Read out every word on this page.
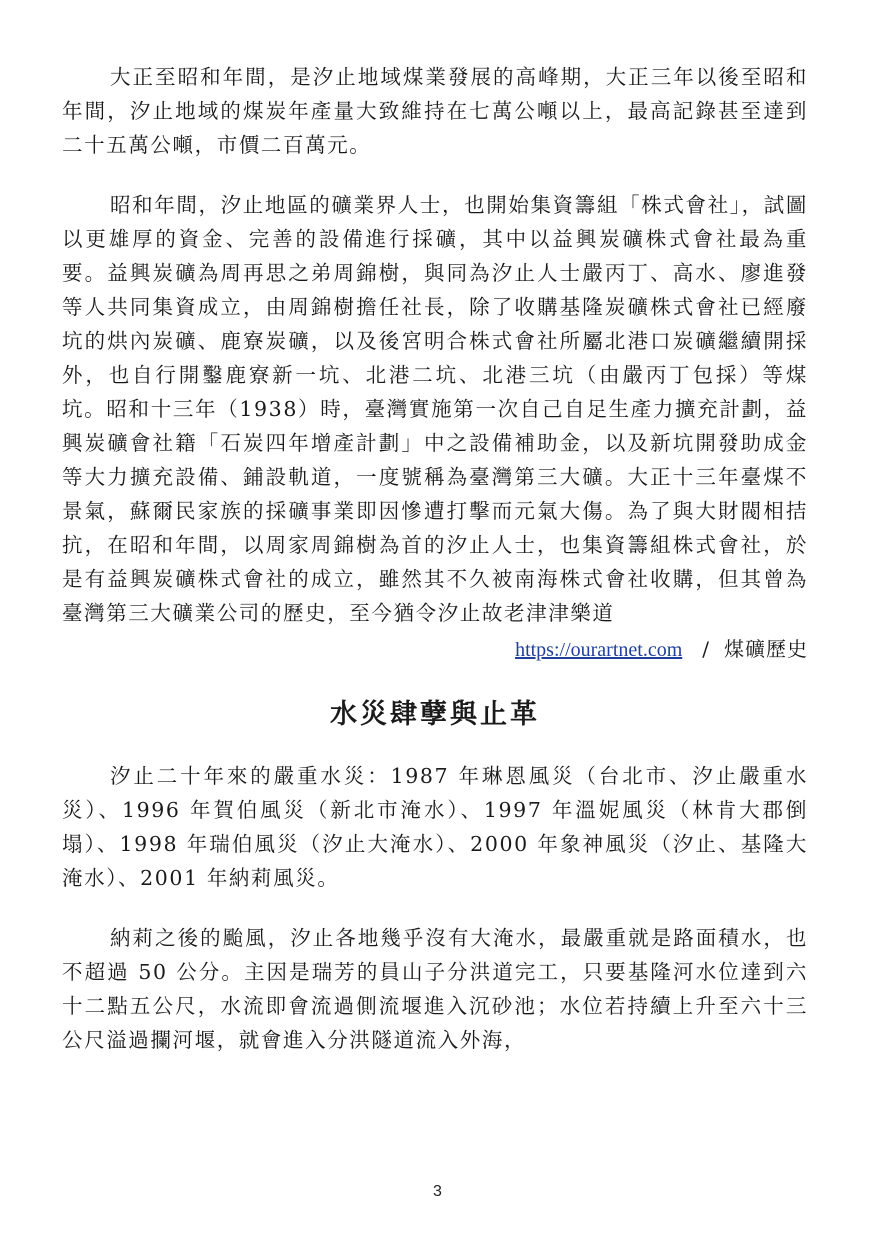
大正至昭和年間，是汐止地域煤業發展的高峰期，大正三年以後至昭和年間，汐止地域的煤炭年產量大致維持在七萬公噸以上，最高記錄甚至達到二十五萬公噸，市價二百萬元。

昭和年間，汐止地區的礦業界人士，也開始集資籌組「株式會社」，試圖以更雄厚的資金、完善的設備進行採礦，其中以益興炭礦株式會社最為重要。益興炭礦為周再思之弟周錦樹，與同為汐止人士嚴丙丁、高水、廖進發等人共同集資成立，由周錦樹擔任社長，除了收購基隆炭礦株式會社已經廢坑的烘內炭礦、鹿寮炭礦，以及後宮明合株式會社所屬北港口炭礦繼續開採外，也自行開鑿鹿寮新一坑、北港二坑、北港三坑（由嚴丙丁包採）等煤坑。昭和十三年（1938）時，臺灣實施第一次自己自足生產力擴充計劃，益興炭礦會社籍「石炭四年增產計劃」中之設備補助金，以及新坑開發助成金等大力擴充設備、鋪設軌道，一度號稱為臺灣第三大礦。大正十三年臺煤不景氣，蘇爾民家族的採礦事業即因慘遭打擊而元氣大傷。為了與大財閥相拮抗，在昭和年間，以周家周錦樹為首的汐止人士，也集資籌組株式會社，於是有益興炭礦株式會社的成立，雖然其不久被南海株式會社收購，但其曾為臺灣第三大礦業公司的歷史，至今猶令汐止故老津津樂道

https://ourartnet.com / 煤礦歷史
水災肆孽與止革

汐止二十年來的嚴重水災：1987 年琳恩風災（台北市、汐止嚴重水災）、1996 年賀伯風災（新北市淹水）、1997 年溫妮風災（林肯大郡倒塌）、1998 年瑞伯風災（汐止大淹水）、2000 年象神風災（汐止、基隆大淹水）、2001 年納莉風災。

納莉之後的颱風，汐止各地幾乎沒有大淹水，最嚴重就是路面積水，也不超過 50 公分。主因是瑞芳的員山子分洪道完工，只要基隆河水位達到六十二點五公尺，水流即會流過側流堰進入沉砂池；水位若持續上升至六十三公尺溢過攔河堰，就會進入分洪隧道流入外海，

3
